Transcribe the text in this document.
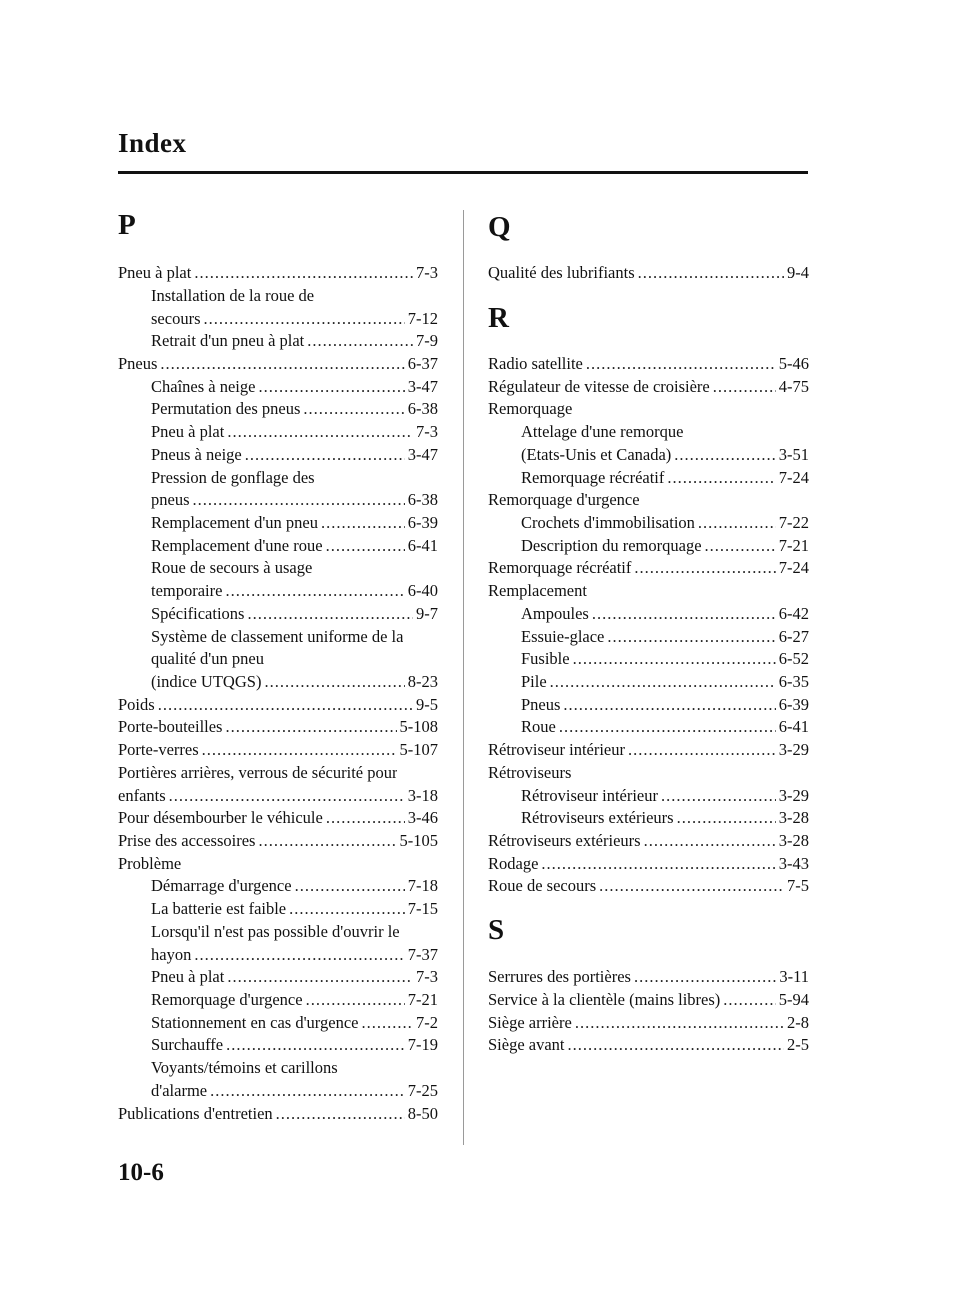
Index
P
Pneu à plat .....	7-3
Installation de la roue de
secours .....	7-12
Retrait d'un pneu à plat .....	7-9
Pneus .....	6-37
Chaînes à neige .....	3-47
Permutation des pneus .....	6-38
Pneu à plat .....	7-3
Pneus à neige .....	3-47
Pression de gonflage des
pneus .....	6-38
Remplacement d'un pneu .....	6-39
Remplacement d'une roue .....	6-41
Roue de secours à usage
temporaire .....	6-40
Spécifications .....	9-7
Système de classement uniforme de la
qualité d'un pneu
(indice UTQGS) .....	8-23
Poids .....	9-5
Porte-bouteilles .....	5-108
Porte-verres .....	5-107
Portières arrières, verrous de sécurité pour
enfants .....	3-18
Pour désembourber le véhicule .....	3-46
Prise des accessoires .....	5-105
Problème
Démarrage d'urgence .....	7-18
La batterie est faible .....	7-15
Lorsqu'il n'est pas possible d'ouvrir le
hayon .....	7-37
Pneu à plat .....	7-3
Remorquage d'urgence .....	7-21
Stationnement en cas d'urgence .....	7-2
Surchauffe .....	7-19
Voyants/témoins et carillons
d'alarme .....	7-25
Publications d'entretien .....	8-50
Q
Qualité des lubrifiants .....	9-4
R
Radio satellite .....	5-46
Régulateur de vitesse de croisière .....	4-75
Remorquage
Attelage d'une remorque
(Etats-Unis et Canada) .....	3-51
Remorquage récréatif .....	7-24
Remorquage d'urgence
Crochets d'immobilisation .....	7-22
Description du remorquage .....	7-21
Remorquage récréatif .....	7-24
Remplacement
Ampoules .....	6-42
Essuie-glace .....	6-27
Fusible .....	6-52
Pile .....	6-35
Pneus .....	6-39
Roue .....	6-41
Rétroviseur intérieur .....	3-29
Rétroviseurs
Rétroviseur intérieur .....	3-29
Rétroviseurs extérieurs .....	3-28
Rétroviseurs extérieurs .....	3-28
Rodage .....	3-43
Roue de secours .....	7-5
S
Serrures des portières .....	3-11
Service à la clientèle (mains libres) .....	5-94
Siège arrière .....	2-8
Siège avant .....	2-5
10-6
